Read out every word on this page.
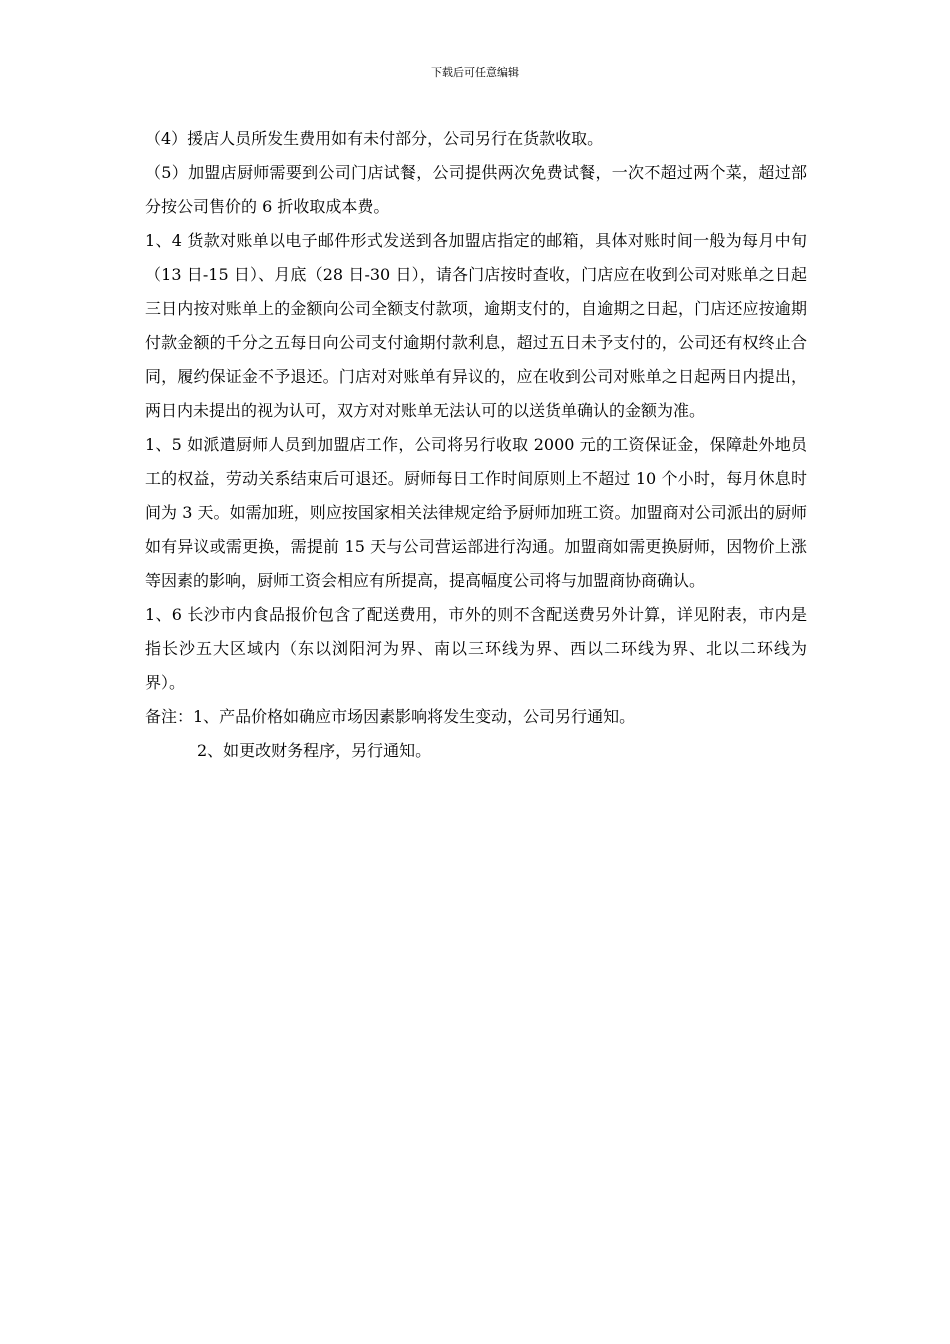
下载后可任意编辑

（4）援店人员所发生费用如有未付部分，公司另行在货款收取。

（5）加盟店厨师需要到公司门店试餐，公司提供两次免费试餐，一次不超过两个菜，超过部分按公司售价的 6 折收取成本费。

1、4 货款对账单以电子邮件形式发送到各加盟店指定的邮箱，具体对账时间一般为每月中旬（13 日-15 日）、月底（28 日-30 日），请各门店按时查收，门店应在收到公司对账单之日起三日内按对账单上的金额向公司全额支付款项，逾期支付的，自逾期之日起，门店还应按逾期付款金额的千分之五每日向公司支付逾期付款利息，超过五日未予支付的，公司还有权终止合同，履约保证金不予退还。门店对对账单有异议的，应在收到公司对账单之日起两日内提出，两日内未提出的视为认可，双方对对账单无法认可的以送货单确认的金额为准。

1、5 如派遣厨师人员到加盟店工作，公司将另行收取 2000 元的工资保证金，保障赴外地员工的权益，劳动关系结束后可退还。厨师每日工作时间原则上不超过 10 个小时，每月休息时间为 3 天。如需加班，则应按国家相关法律规定给予厨师加班工资。加盟商对公司派出的厨师如有异议或需更换，需提前 15 天与公司营运部进行沟通。加盟商如需更换厨师，因物价上涨等因素的影响，厨师工资会相应有所提高，提高幅度公司将与加盟商协商确认。

1、6 长沙市内食品报价包含了配送费用，市外的则不含配送费另外计算，详见附表，市内是指长沙五大区域内（东以浏阳河为界、南以三环线为界、西以二环线为界、北以二环线为界）。

备注：1、产品价格如确应市场因素影响将发生变动，公司另行通知。

2、如更改财务程序，另行通知。
